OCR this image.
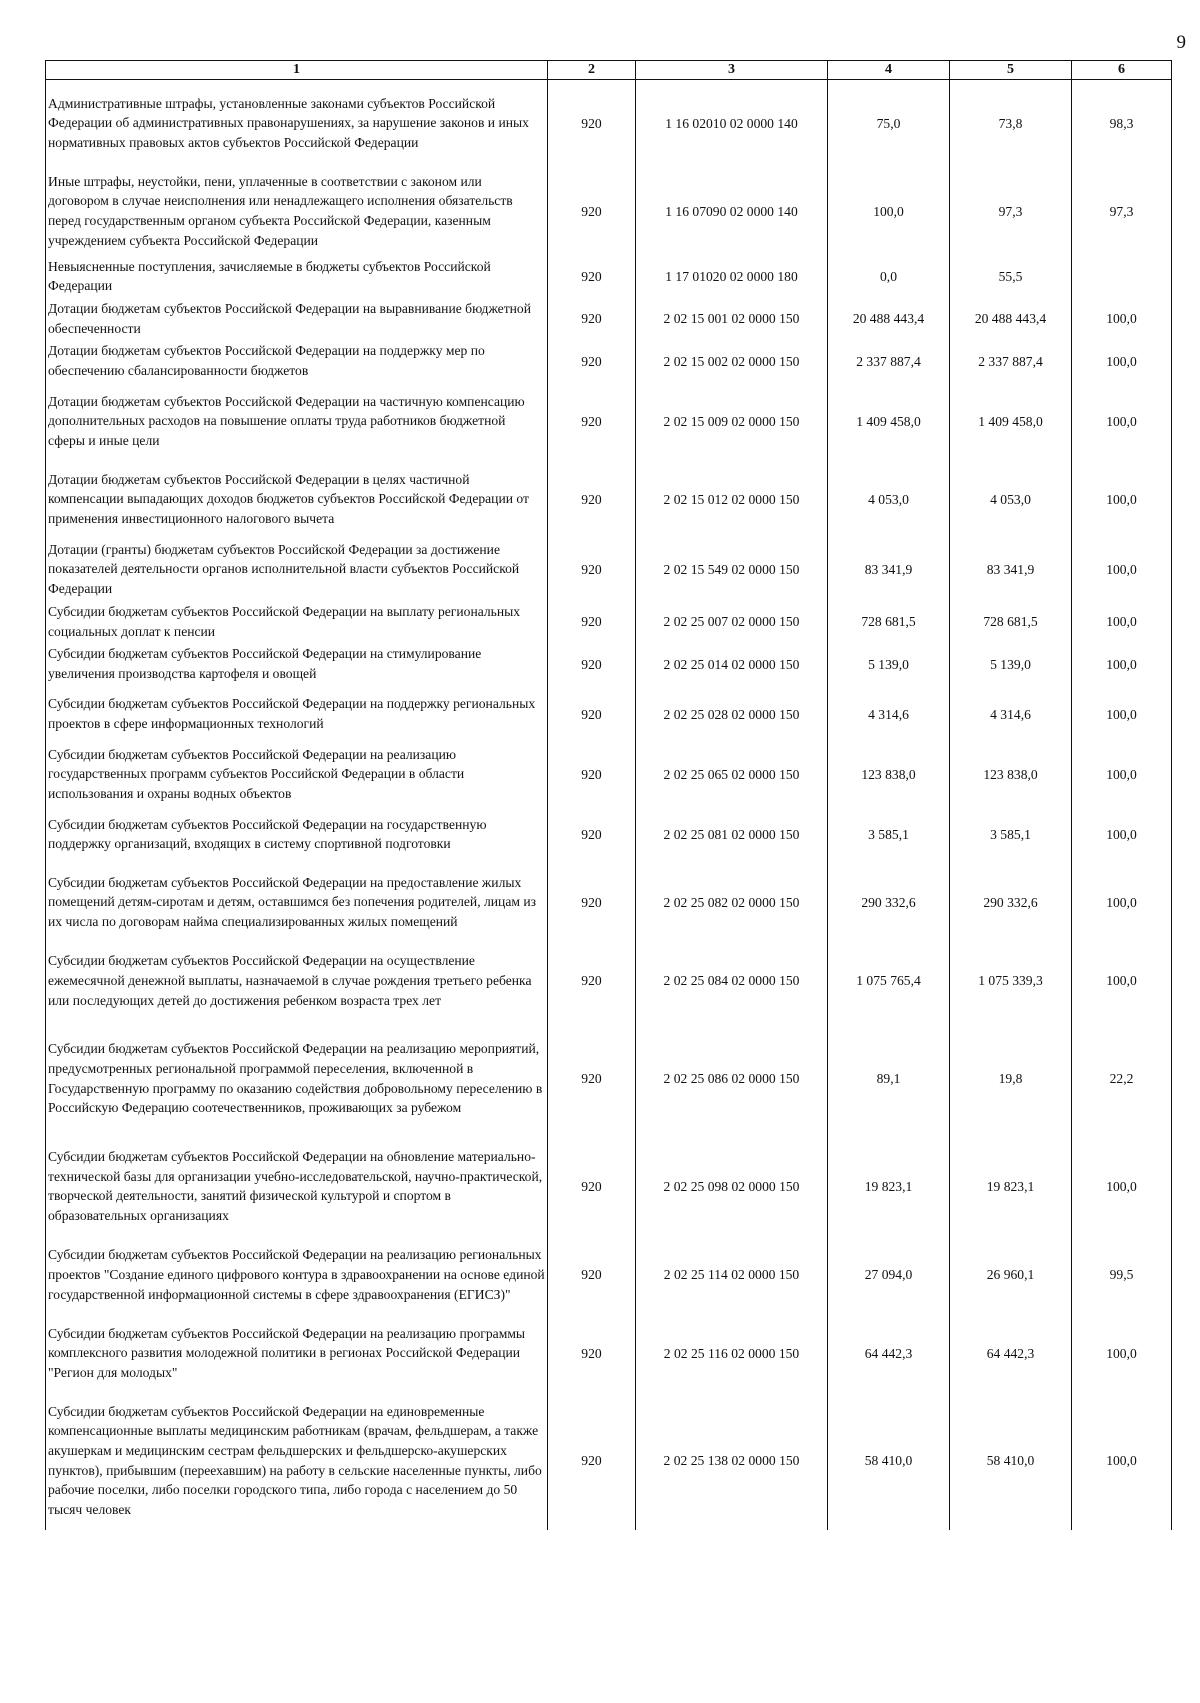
9
1	2	3	4	5	6
Административные штрафы, установленные законами субъектов Российской Федерации об административных правонарушениях, за нарушение законов и иных нормативных правовых актов субъектов Российской Федерации	920	1 16 02010 02 0000 140	75,0	73,8	98,3
Иные штрафы, неустойки, пени, уплаченные в соответствии с законом или договором в случае неисполнения или ненадлежащего исполнения обязательств перед государственным органом субъекта Российской Федерации, казенным учреждением субъекта Российской Федерации	920	1 16 07090 02 0000 140	100,0	97,3	97,3
Невыясненные поступления, зачисляемые в бюджеты субъектов Российской Федерации	920	1 17 01020 02 0000 180	0,0	55,5	
Дотации бюджетам субъектов Российской Федерации на выравнивание бюджетной обеспеченности	920	2 02 15 001 02 0000 150	20 488 443,4	20 488 443,4	100,0
Дотации бюджетам субъектов Российской Федерации на поддержку мер по обеспечению сбалансированности бюджетов	920	2 02 15 002 02 0000 150	2 337 887,4	2 337 887,4	100,0
Дотации бюджетам субъектов Российской Федерации на частичную компенсацию дополнительных расходов на повышение оплаты труда работников бюджетной сферы и иные цели	920	2 02 15 009 02 0000 150	1 409 458,0	1 409 458,0	100,0
Дотации бюджетам субъектов Российской Федерации в целях частичной компенсации выпадающих доходов бюджетов субъектов Российской Федерации от применения инвестиционного налогового вычета	920	2 02 15 012 02 0000 150	4 053,0	4 053,0	100,0
Дотации (гранты) бюджетам субъектов Российской Федерации за достижение показателей деятельности органов исполнительной власти субъектов Российской Федерации	920	2 02 15 549 02 0000 150	83 341,9	83 341,9	100,0
Субсидии бюджетам субъектов Российской Федерации на выплату региональных социальных доплат к пенсии	920	2 02 25 007 02 0000 150	728 681,5	728 681,5	100,0
Субсидии бюджетам субъектов Российской Федерации на стимулирование увеличения производства картофеля и овощей	920	2 02 25 014 02 0000 150	5 139,0	5 139,0	100,0
Субсидии бюджетам субъектов Российской Федерации на поддержку региональных проектов в сфере информационных технологий	920	2 02 25 028 02 0000 150	4 314,6	4 314,6	100,0
Субсидии бюджетам субъектов Российской Федерации на реализацию государственных программ субъектов Российской Федерации в области использования и охраны водных объектов	920	2 02 25 065 02 0000 150	123 838,0	123 838,0	100,0
Субсидии бюджетам субъектов Российской Федерации на государственную поддержку организаций, входящих в систему спортивной подготовки	920	2 02 25 081 02 0000 150	3 585,1	3 585,1	100,0
Субсидии бюджетам субъектов Российской Федерации на предоставление жилых помещений детям-сиротам и детям, оставшимся без попечения родителей, лицам из их числа по договорам найма специализированных жилых помещений	920	2 02 25 082 02 0000 150	290 332,6	290 332,6	100,0
Субсидии бюджетам субъектов Российской Федерации на осуществление ежемесячной денежной выплаты, назначаемой в случае рождения третьего ребенка или последующих детей до достижения ребенком возраста трех лет	920	2 02 25 084 02 0000 150	1 075 765,4	1 075 339,3	100,0
Субсидии бюджетам субъектов Российской Федерации на реализацию мероприятий, предусмотренных региональной программой переселения, включенной в Государственную программу по оказанию содействия добровольному переселению в Российскую Федерацию соотечественников, проживающих за рубежом	920	2 02 25 086 02 0000 150	89,1	19,8	22,2
Субсидии бюджетам субъектов Российской Федерации на обновление материально-технической базы для организации учебно-исследовательской, научно-практической, творческой деятельности, занятий физической культурой и спортом в образовательных организациях	920	2 02 25 098 02 0000 150	19 823,1	19 823,1	100,0
Субсидии бюджетам субъектов Российской Федерации на реализацию региональных проектов "Создание единого цифрового контура в здравоохранении на основе единой государственной информационной системы в сфере здравоохранения (ЕГИСЗ)"	920	2 02 25 114 02 0000 150	27 094,0	26 960,1	99,5
Субсидии бюджетам субъектов Российской Федерации на реализацию программы комплексного развития молодежной политики в регионах Российской Федерации "Регион для молодых"	920	2 02 25 116 02 0000 150	64 442,3	64 442,3	100,0
Субсидии бюджетам субъектов Российской Федерации на единовременные компенсационные выплаты медицинским работникам (врачам, фельдшерам, а также акушеркам и медицинским сестрам фельдшерских и фельдшерско-акушерских пунктов), прибывшим (переехавшим) на работу в сельские населенные пункты, либо рабочие поселки, либо поселки городского типа, либо города с населением до 50 тысяч человек	920	2 02 25 138 02 0000 150	58 410,0	58 410,0	100,0
